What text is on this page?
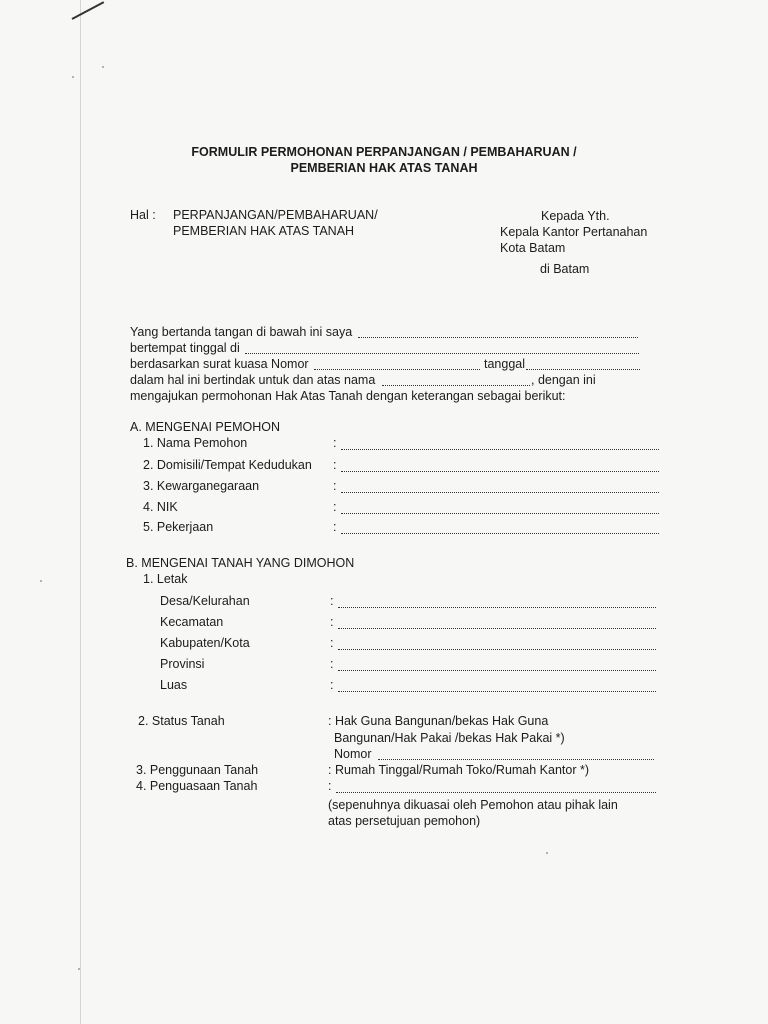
FORMULIR PERMOHONAN PERPANJANGAN / PEMBAHARUAN /
PEMBERIAN HAK ATAS TANAH
Hal : PERPANJANGAN/PEMBAHARUAN/
PEMBERIAN HAK ATAS TANAH
Kepada Yth.
Kepala Kantor Pertanahan
Kota Batam
di Batam
Yang bertanda tangan di bawah ini saya
bertempat tinggal di
berdasarkan surat kuasa Nomor	tanggal
dalam hal ini bertindak untuk dan atas nama	, dengan ini
mengajukan permohonan Hak Atas Tanah dengan keterangan sebagai berikut:
A. MENGENAI PEMOHON
1. Nama Pemohon	:
2. Domisili/Tempat Kedudukan :
3. Kewarganegaraan	:
4. NIK	:
5. Pekerjaan	:
B. MENGENAI TANAH YANG DIMOHON
1. Letak
Desa/Kelurahan	:
Kecamatan	:
Kabupaten/Kota	:
Provinsi	:
Luas	:
2. Status Tanah	: Hak Guna Bangunan/bekas Hak Guna
Bangunan/Hak Pakai /bekas Hak Pakai *)
Nomor
3. Penggunaan Tanah	: Rumah Tinggal/Rumah Toko/Rumah Kantor *)
4. Penguasaan Tanah	:
(sepenuhnya dikuasai oleh Pemohon atau pihak lain
atas persetujuan pemohon)
